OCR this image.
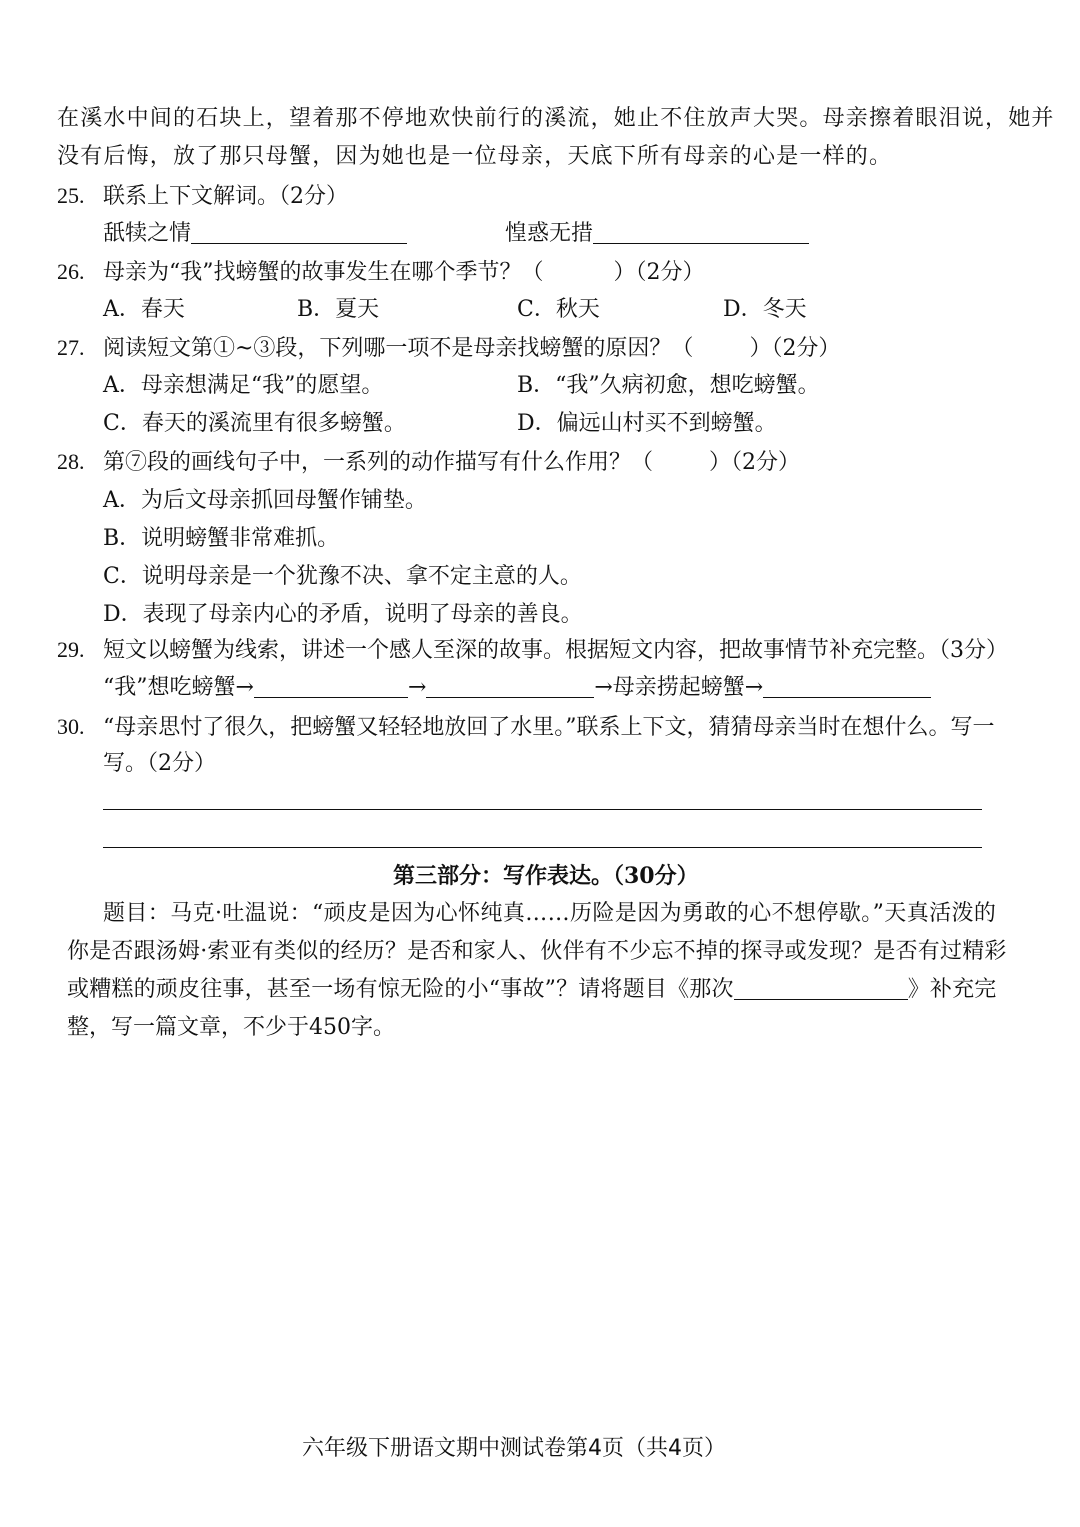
在溪水中间的石块上，望着那不停地欢快前行的溪流，她止不住放声大哭。母亲擦着眼泪说，她并
没有后悔，放了那只母蟹，因为她也是一位母亲，天底下所有母亲的心是一样的。
25. 联系上下文解词。（2分）
舐犊之情	惶惑无措
26. 母亲为“我”找螃蟹的故事发生在哪个季节？（	）（2分）
A．春天	B．夏天	C．秋天	D．冬天
27. 阅读短文第①~③段，下列哪一项不是母亲找螃蟹的原因？（	）（2分）
A．母亲想满足“我”的愿望。	B．“我”久病初愈，想吃螃蟹。
C．春天的溪流里有很多螃蟹。	D．偏远山村买不到螃蟹。
28. 第⑦段的画线句子中，一系列的动作描写有什么作用？（	）（2分）
A．为后文母亲抓回母蟹作铺垫。
B．说明螃蟹非常难抓。
C．说明母亲是一个犹豫不决、拿不定主意的人。
D．表现了母亲内心的矛盾，说明了母亲的善良。
29. 短文以螃蟹为线索，讲述一个感人至深的故事。根据短文内容，把故事情节补充完整。（3分）
“我”想吃螃蟹→	→	→母亲捞起螃蟹→
30. “母亲思忖了很久，把螃蟹又轻轻地放回了水里。”联系上下文，猜猜母亲当时在想什么。写一
写。（2分）
第三部分：写作表达。（30分）
题目：马克·吐温说：“顽皮是因为心怀纯真……历险是因为勇敢的心不想停歇。”天真活泼的
你是否跟汤姆·索亚有类似的经历？是否和家人、伙伴有不少忘不掉的探寻或发现？是否有过精彩
或糟糕的顽皮往事，甚至一场有惊无险的小“事故”？请将题目《那次	》补充完
整，写一篇文章，不少于450字。
六年级下册语文期中测试卷第4页（共4页）
